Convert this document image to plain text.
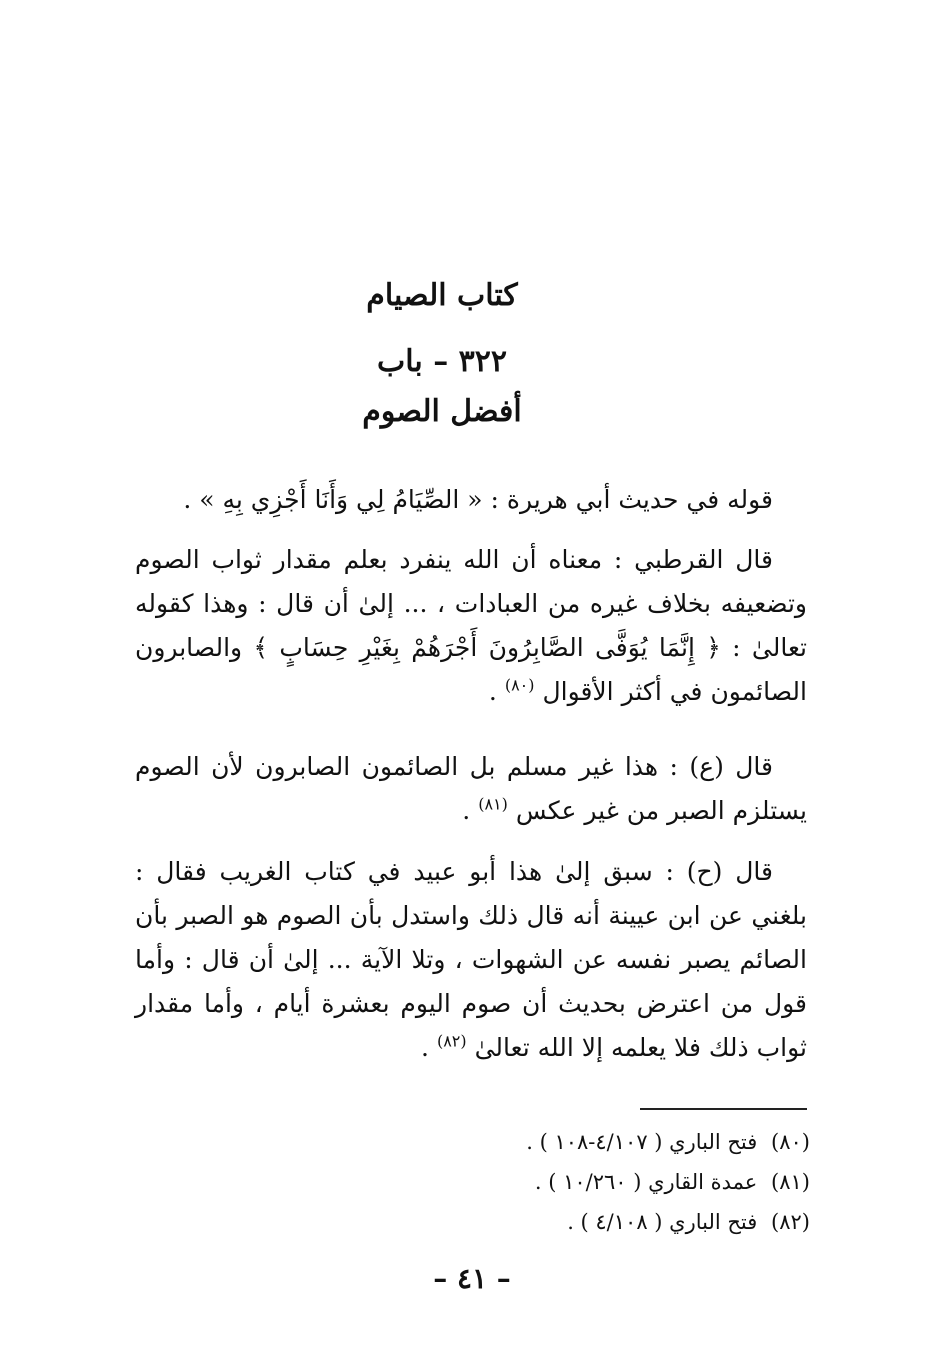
كتاب الصيام
٣٢٢ – باب
أفضل الصوم
قوله في حديث أبي هريرة : « الصِّيَامُ لِي وَأَنَا أَجْزِي بِهِ » .
قال القرطبي : معناه أن الله ينفرد بعلم مقدار ثواب الصوم وتضعيفه بخلاف غيره من العبادات ، ... إلىٰ أن قال : وهذا كقوله تعالىٰ : ﴿ إِنَّمَا يُوَفَّى الصَّابِرُونَ أَجْرَهُمْ بِغَيْرِ حِسَابٍ ﴾ والصابرون الصائمون في أكثر الأقوال $^{(٨٠)}$ .
قال (ع) : هذا غير مسلم بل الصائمون الصابرون لأن الصوم يستلزم الصبر من غير عكس $^{(٨١)}$ .
قال (ح) : سبق إلىٰ هذا أبو عبيد في كتاب الغريب فقال : بلغني عن ابن عيينة أنه قال ذلك واستدل بأن الصوم هو الصبر بأن الصائم يصبر نفسه عن الشهوات ، وتلا الآية ... إلىٰ أن قال : وأما قول من اعترض بحديث أن صوم اليوم بعشرة أيام ، وأما مقدار ثواب ذلك فلا يعلمه إلا الله تعالىٰ $^{(٨٢)}$ .
(٨٠) فتح الباري ( ٤/١٠٧-١٠٨ ) .
(٨١) عمدة القاري ( ١٠/٢٦٠ ) .
(٨٢) فتح الباري ( ٤/١٠٨ ) .
– ٤١ –
